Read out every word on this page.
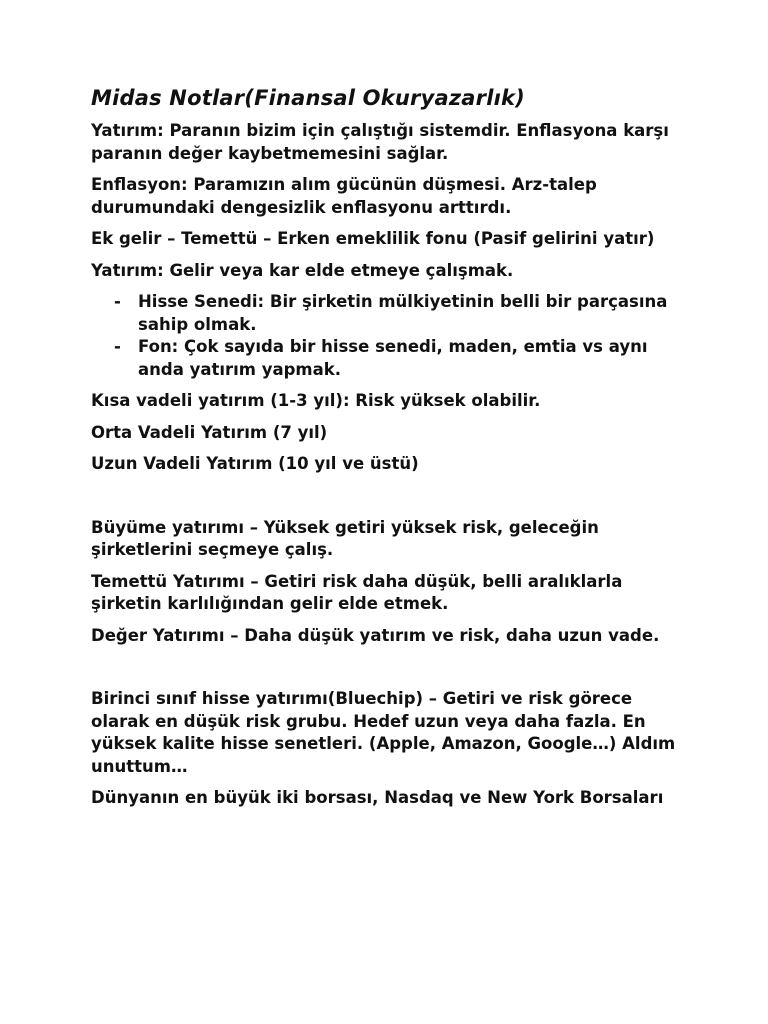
Midas Notlar(Finansal Okuryazarlık)

Yatırım: Paranın bizim için çalıştığı sistemdir. Enflasyona karşı paranın değer kaybetmemesini sağlar.

Enflasyon: Paramızın alım gücünün düşmesi. Arz-talep durumundaki dengesizlik enflasyonu arttırdı.

Ek gelir – Temettü – Erken emeklilik fonu (Pasif gelirini yatır)

Yatırım: Gelir veya kar elde etmeye çalışmak.

- Hisse Senedi: Bir şirketin mülkiyetinin belli bir parçasına sahip olmak.
- Fon: Çok sayıda bir hisse senedi, maden, emtia vs aynı anda yatırım yapmak.

Kısa vadeli yatırım (1-3 yıl): Risk yüksek olabilir.

Orta Vadeli Yatırım (7 yıl)

Uzun Vadeli Yatırım (10 yıl ve üstü)

Büyüme yatırımı – Yüksek getiri yüksek risk, geleceğin şirketlerini seçmeye çalış.

Temettü Yatırımı – Getiri risk daha düşük, belli aralıklarla şirketin karlılığından gelir elde etmek.

Değer Yatırımı – Daha düşük yatırım ve risk, daha uzun vade.

Birinci sınıf hisse yatırımı(Bluechip) – Getiri ve risk görece olarak en düşük risk grubu. Hedef uzun veya daha fazla. En yüksek kalite hisse senetleri. (Apple, Amazon, Google…) Aldım unuttum…

Dünyanın en büyük iki borsası, Nasdaq ve New York Borsaları
